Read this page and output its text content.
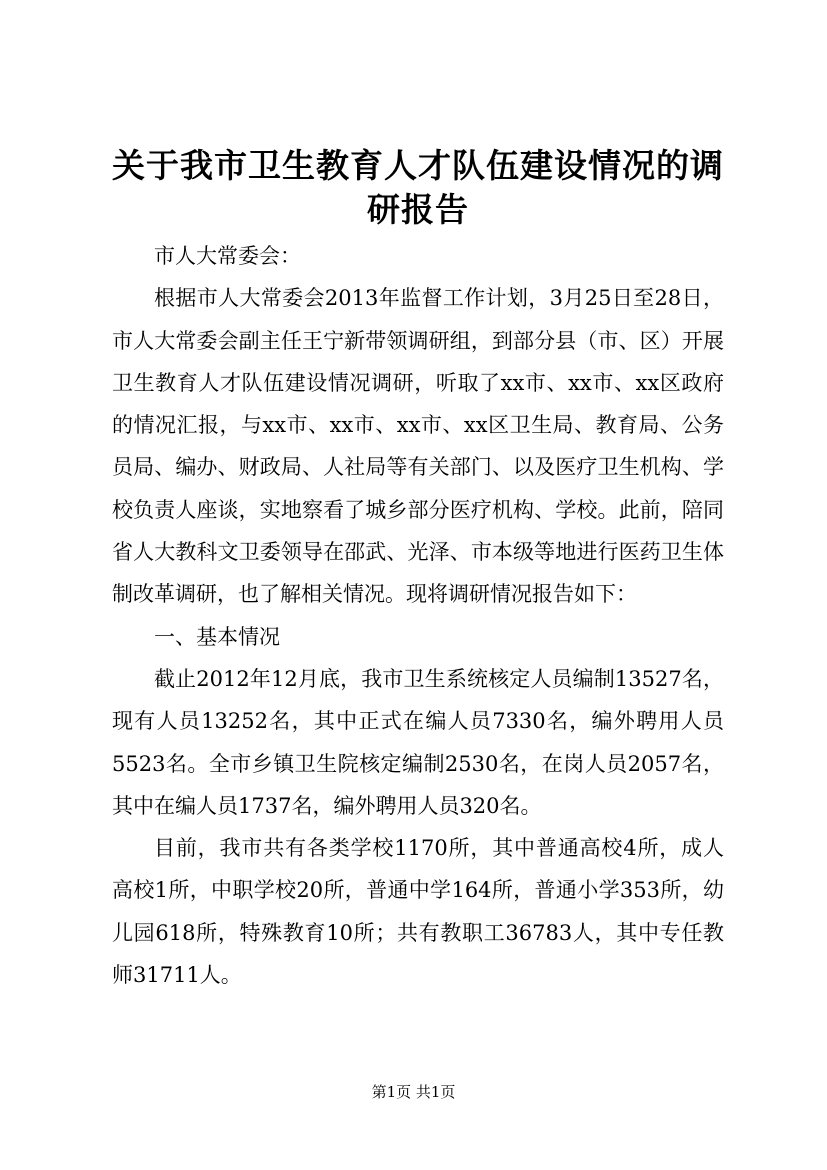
关于我市卫生教育人才队伍建设情况的调研报告

市人大常委会：

根据市人大常委会2013年监督工作计划，3月25日至28日，市人大常委会副主任王宁新带领调研组，到部分县（市、区）开展卫生教育人才队伍建设情况调研，听取了xx市、xx市、xx区政府的情况汇报，与xx市、xx市、xx市、xx区卫生局、教育局、公务员局、编办、财政局、人社局等有关部门、以及医疗卫生机构、学校负责人座谈，实地察看了城乡部分医疗机构、学校。此前，陪同省人大教科文卫委领导在邵武、光泽、市本级等地进行医药卫生体制改革调研，也了解相关情况。现将调研情况报告如下：

一、基本情况

截止2012年12月底，我市卫生系统核定人员编制13527名，现有人员13252名，其中正式在编人员7330名，编外聘用人员5523名。全市乡镇卫生院核定编制2530名，在岗人员2057名，其中在编人员1737名，编外聘用人员320名。

目前，我市共有各类学校1170所，其中普通高校4所，成人高校1所，中职学校20所，普通中学164所，普通小学353所，幼儿园618所，特殊教育10所；共有教职工36783人，其中专任教师31711人。

第1页 共1页
